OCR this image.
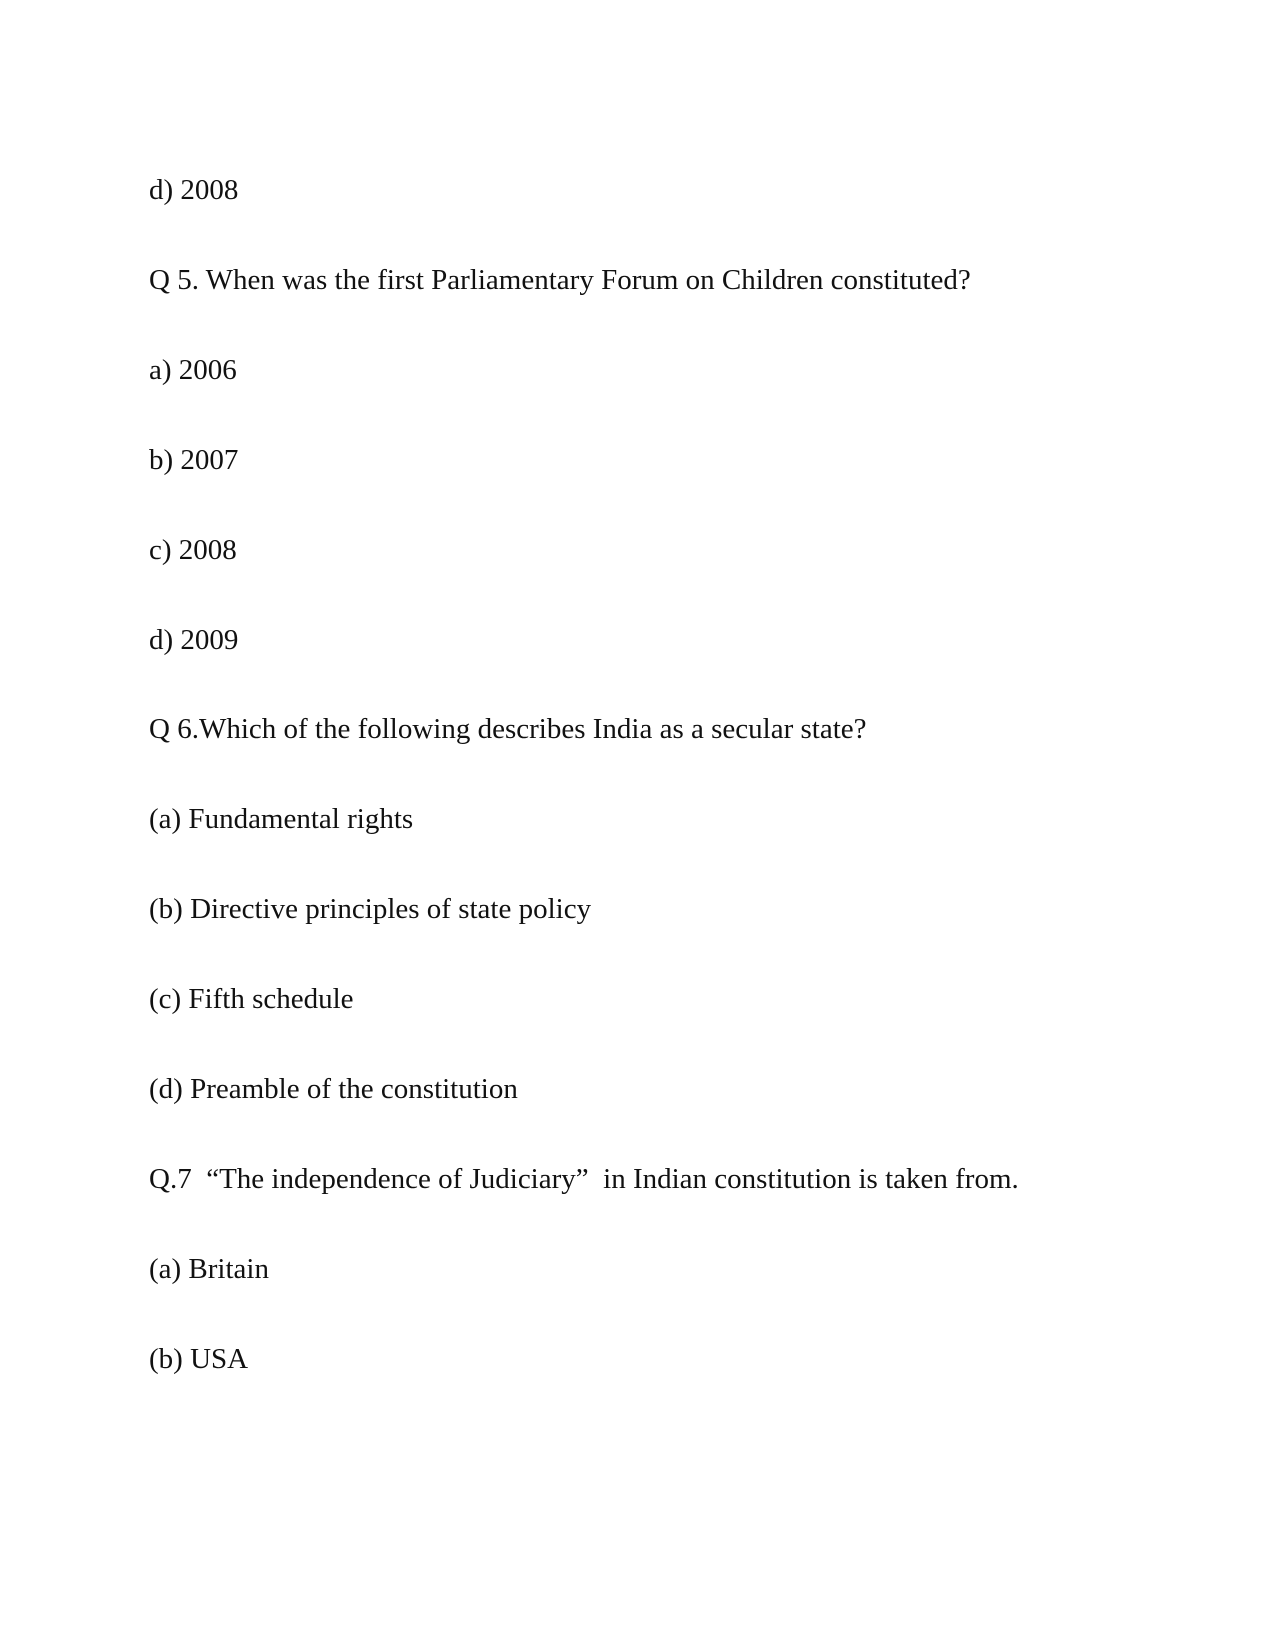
d) 2008
Q 5. When was the first Parliamentary Forum on Children constituted?
a) 2006
b) 2007
c) 2008
d) 2009
Q 6.Which of the following describes India as a secular state?
(a) Fundamental rights
(b) Directive principles of state policy
(c) Fifth schedule
(d) Preamble of the constitution
Q.7  “The independence of Judiciary”  in Indian constitution is taken from.
(a) Britain
(b) USA
